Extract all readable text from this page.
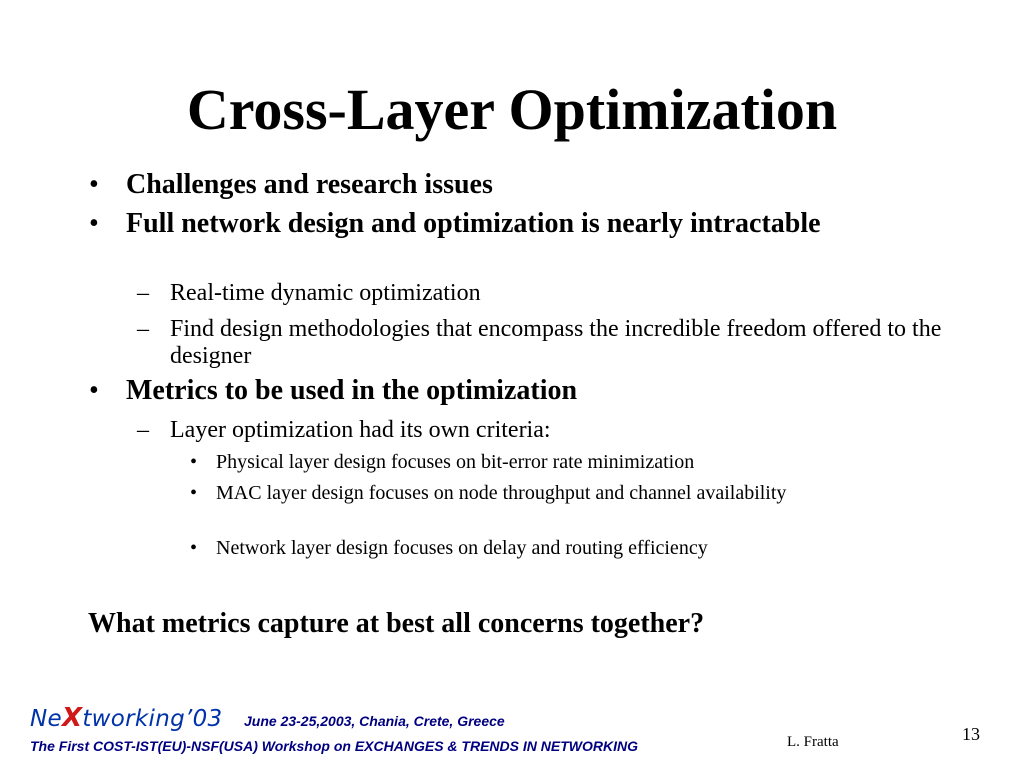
Cross-Layer Optimization
• Challenges and research issues
• Full network design and optimization is nearly intractable
– Real-time dynamic optimization
– Find design methodologies that encompass the incredible freedom offered to the designer
• Metrics to be used in the optimization
– Layer optimization had its own criteria:
• Physical layer design focuses on bit-error rate minimization
• MAC layer design focuses on node throughput and channel availability
• Network layer design focuses on delay and routing efficiency

What metrics capture at best all concerns together?

NeXtworking’03 June 23-25,2003, Chania, Crete, Greece
The First COST-IST(EU)-NSF(USA) Workshop on EXCHANGES & TRENDS IN NETWORKING	L. Fratta	13
